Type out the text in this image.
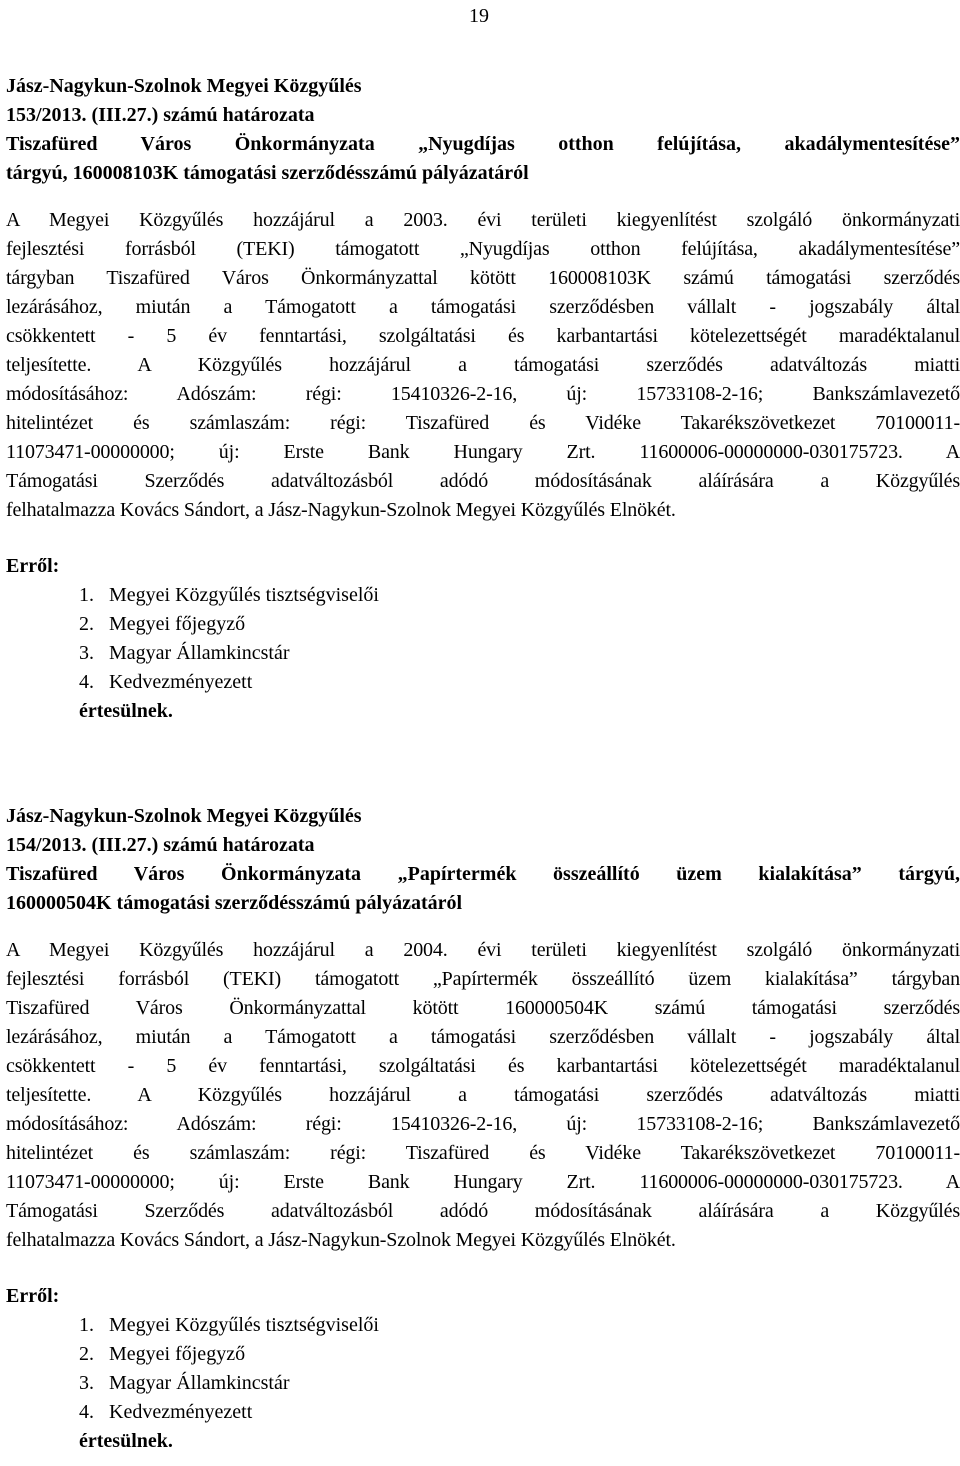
19

Jász-Nagykun-Szolnok Megyei Közgyűlés

153/2013. (III.27.) számú határozata

Tiszafüred Város Önkormányzata „Nyugdíjas otthon felújítása, akadálymentesítése”

tárgyú, 160008103K támogatási szerződésszámú pályázatáról

A Megyei Közgyűlés hozzájárul a 2003. évi területi kiegyenlítést szolgáló önkormányzati

fejlesztési forrásból (TEKI) támogatott „Nyugdíjas otthon felújítása, akadálymentesítése”

tárgyban Tiszafüred Város Önkormányzattal kötött 160008103K számú támogatási szerződés

lezárásához, miután a Támogatott a támogatási szerződésben vállalt - jogszabály által

csökkentett - 5 év fenntartási, szolgáltatási és karbantartási kötelezettségét maradéktalanul

teljesítette. A Közgyűlés hozzájárul a támogatási szerződés adatváltozás miatti

módosításához: Adószám: régi: 15410326-2-16, új: 15733108-2-16; Bankszámlavezető

hitelintézet és számlaszám: régi: Tiszafüred és Vidéke Takarékszövetkezet 70100011-

11073471-00000000; új: Erste Bank Hungary Zrt. 11600006-00000000-030175723. A

Támogatási Szerződés adatváltozásból adódó módosításának aláírására a Közgyűlés

felhatalmazza Kovács Sándort, a Jász-Nagykun-Szolnok Megyei Közgyűlés Elnökét.

Erről:
1. Megyei Közgyűlés tisztségviselői
2. Megyei főjegyző
3. Magyar Államkincstár
4. Kedvezményezett
értesülnek.

Jász-Nagykun-Szolnok Megyei Közgyűlés

154/2013. (III.27.) számú határozata

Tiszafüred Város Önkormányzata „Papírtermék összeállító üzem kialakítása” tárgyú,

160000504K támogatási szerződésszámú pályázatáról

A Megyei Közgyűlés hozzájárul a 2004. évi területi kiegyenlítést szolgáló önkormányzati

fejlesztési forrásból (TEKI) támogatott „Papírtermék összeállító üzem kialakítása” tárgyban

Tiszafüred Város Önkormányzattal kötött 160000504K számú támogatási szerződés

lezárásához, miután a Támogatott a támogatási szerződésben vállalt - jogszabály által

csökkentett - 5 év fenntartási, szolgáltatási és karbantartási kötelezettségét maradéktalanul

teljesítette. A Közgyűlés hozzájárul a támogatási szerződés adatváltozás miatti

módosításához: Adószám: régi: 15410326-2-16, új: 15733108-2-16; Bankszámlavezető

hitelintézet és számlaszám: régi: Tiszafüred és Vidéke Takarékszövetkezet 70100011-

11073471-00000000; új: Erste Bank Hungary Zrt. 11600006-00000000-030175723. A

Támogatási Szerződés adatváltozásból adódó módosításának aláírására a Közgyűlés

felhatalmazza Kovács Sándort, a Jász-Nagykun-Szolnok Megyei Közgyűlés Elnökét.

Erről:
1. Megyei Közgyűlés tisztségviselői
2. Megyei főjegyző
3. Magyar Államkincstár
4. Kedvezményezett
értesülnek.
